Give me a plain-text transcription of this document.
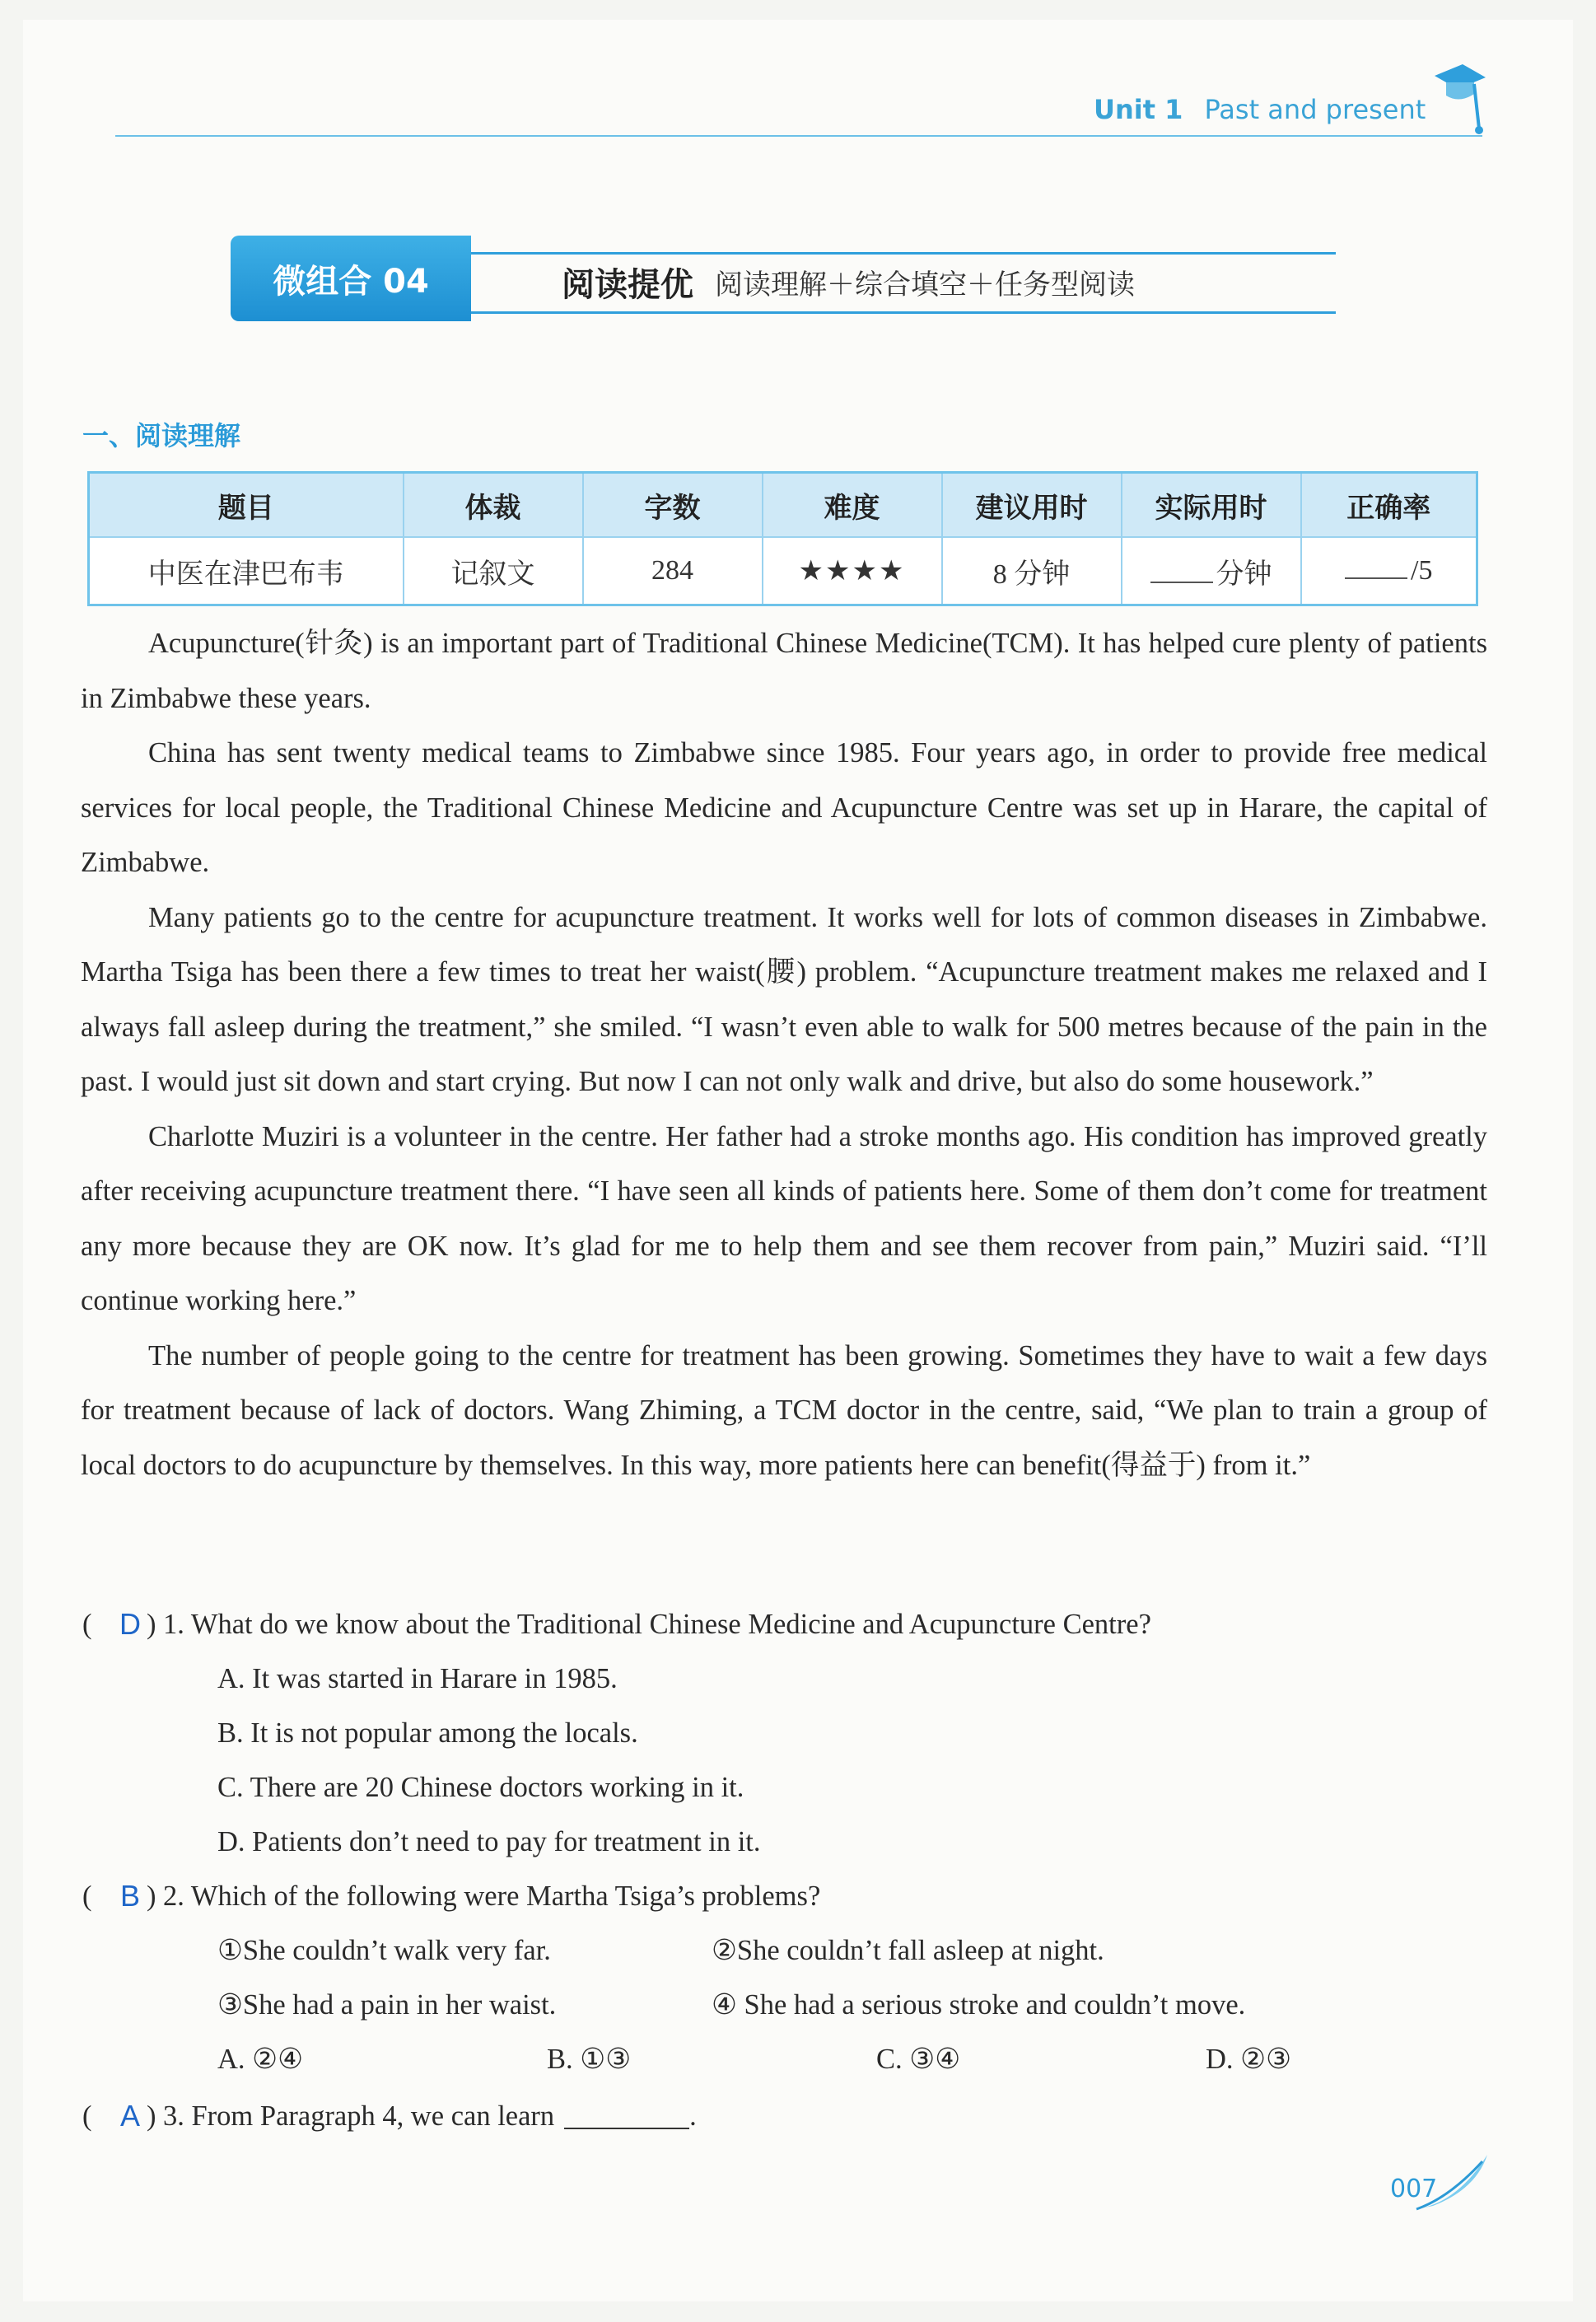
Unit 1 Past and present
微组合 04	阅读提优 阅读理解＋综合填空＋任务型阅读
一、阅读理解
题目	体裁	字数	难度	建议用时	实际用时	正确率
中医在津巴布韦	记叙文	284	★★★★	8 分钟	分钟	/5

Acupuncture(针灸) is an important part of Traditional Chinese Medicine(TCM). It has helped cure plenty of patients in Zimbabwe these years.

China has sent twenty medical teams to Zimbabwe since 1985. Four years ago, in order to provide free medical services for local people, the Traditional Chinese Medicine and Acupuncture Centre was set up in Harare, the capital of Zimbabwe.

Many patients go to the centre for acupuncture treatment. It works well for lots of common diseases in Zimbabwe. Martha Tsiga has been there a few times to treat her waist(腰) problem. “Acupuncture treatment makes me relaxed and I always fall asleep during the treatment,” she smiled. “I wasn’t even able to walk for 500 metres because of the pain in the past. I would just sit down and start crying. But now I can not only walk and drive, but also do some housework.”

Charlotte Muziri is a volunteer in the centre. Her father had a stroke months ago. His condition has improved greatly after receiving acupuncture treatment there. “I have seen all kinds of patients here. Some of them don’t come for treatment any more because they are OK now. It’s glad for me to help them and see them recover from pain,” Muziri said. “I’ll continue working here.”

The number of people going to the centre for treatment has been growing. Sometimes they have to wait a few days for treatment because of lack of doctors. Wang Zhiming, a TCM doctor in the centre, said, “We plan to train a group of local doctors to do acupuncture by themselves. In this way, more patients here can benefit(得益于) from it.”

( D ) 1. What do we know about the Traditional Chinese Medicine and Acupuncture Centre?
A. It was started in Harare in 1985.
B. It is not popular among the locals.
C. There are 20 Chinese doctors working in it.
D. Patients don’t need to pay for treatment in it.
( B ) 2. Which of the following were Martha Tsiga’s problems?
①She couldn’t walk very far.	②She couldn’t fall asleep at night.
③She had a pain in her waist.	④ She had a serious stroke and couldn’t move.
A. ②④	B. ①③	C. ③④	D. ②③
( A ) 3. From Paragraph 4, we can learn	.
007
